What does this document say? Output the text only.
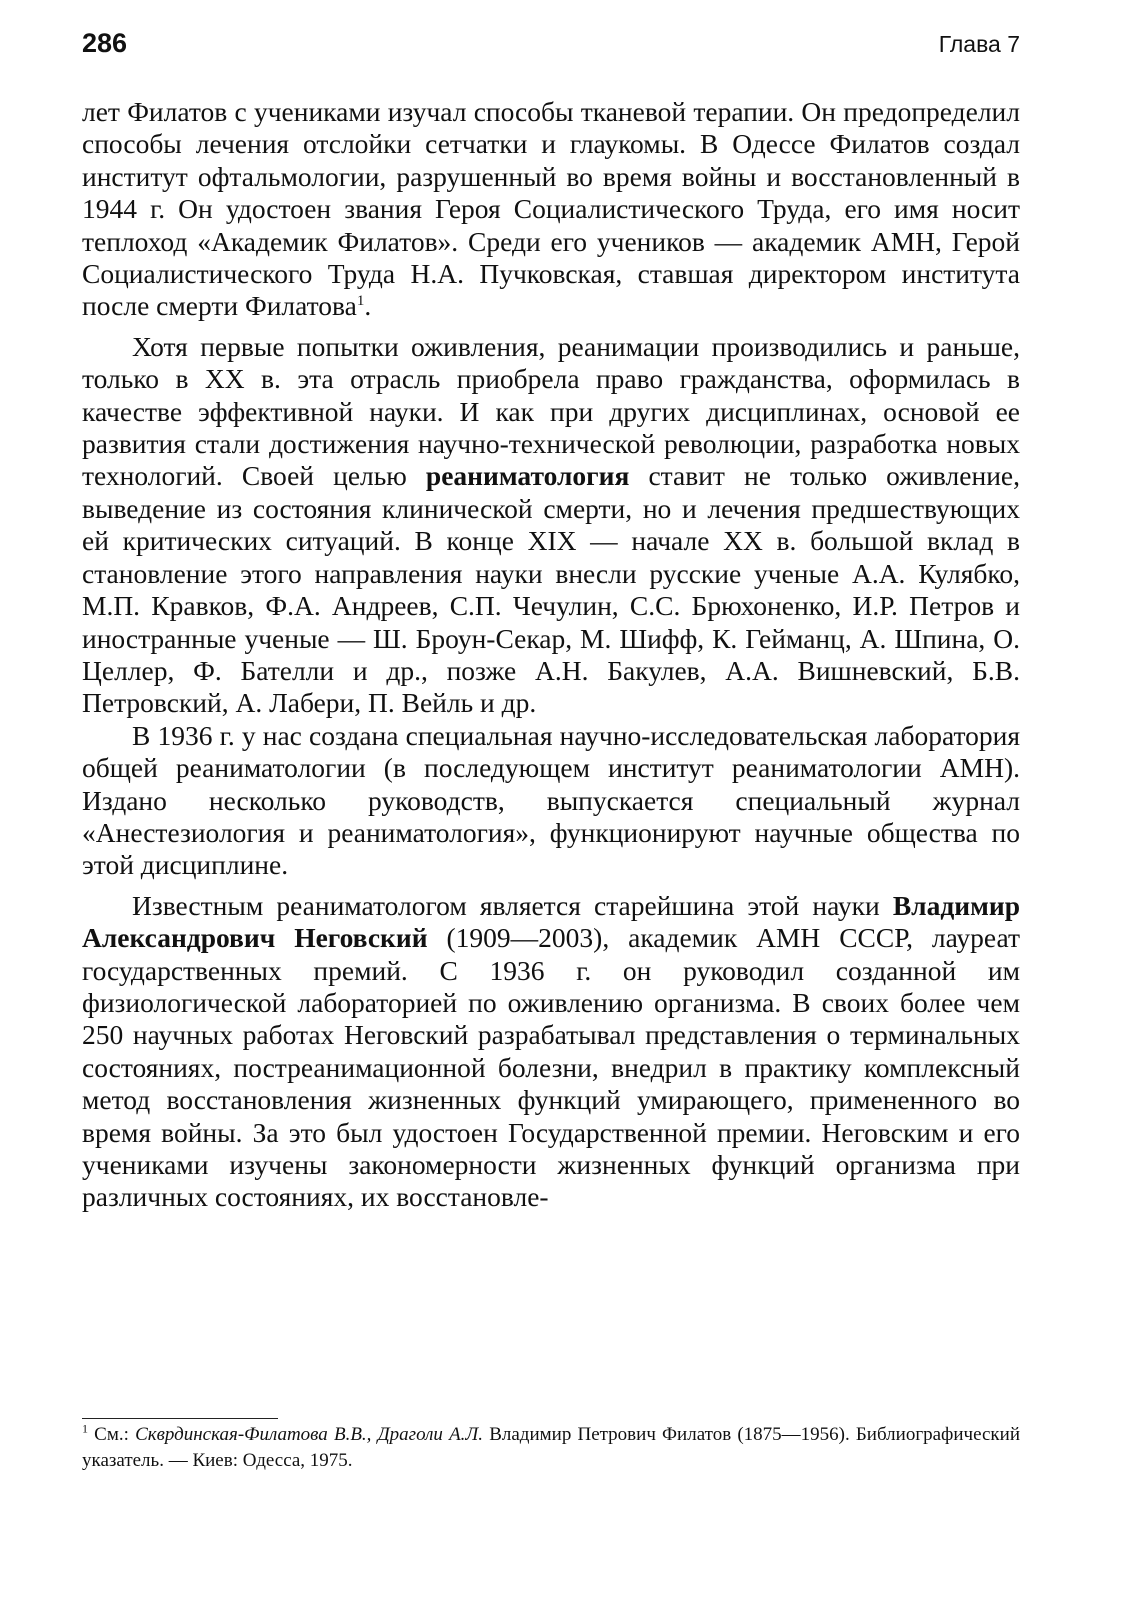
286	Глава 7

лет Филатов с учениками изучал способы тканевой терапии. Он предопределил способы лечения отслойки сетчатки и глаукомы. В Одессе Филатов создал институт офтальмологии, разрушенный во время войны и восстановленный в 1944 г. Он удостоен звания Героя Социалистического Труда, его имя носит теплоход «Академик Филатов». Среди его учеников — академик АМН, Герой Социалистического Труда Н.А. Пучковская, ставшая директором института после смерти Филатова$^1$.

Хотя первые попытки оживления, реанимации производились и раньше, только в XX в. эта отрасль приобрела право гражданства, оформилась в качестве эффективной науки. И как при других дисциплинах, основой ее развития стали достижения научно-технической революции, разработка новых технологий. Своей целью реаниматология ставит не только оживление, выведение из состояния клинической смерти, но и лечения предшествующих ей критических ситуаций. В конце XIX — начале XX в. большой вклад в становление этого направления науки внесли русские ученые А.А. Кулябко, М.П. Кравков, Ф.А. Андреев, С.П. Чечулин, С.С. Брюхоненко, И.Р. Петров и иностранные ученые — Ш. Броун-Секар, М. Шифф, К. Гейманц, А. Шпина, О. Целлер, Ф. Бателли и др., позже А.Н. Бакулев, А.А. Вишневский, Б.В. Петровский, А. Лабери, П. Вейль и др.

В 1936 г. у нас создана специальная научно-исследовательская лаборатория общей реаниматологии (в последующем институт реаниматологии АМН). Издано несколько руководств, выпускается специальный журнал «Анестезиология и реаниматология», функционируют научные общества по этой дисциплине.

Известным реаниматологом является старейшина этой науки Владимир Александрович Неговский (1909—2003), академик АМН СССР, лауреат государственных премий. С 1936 г. он руководил созданной им физиологической лабораторией по оживлению организма. В своих более чем 250 научных работах Неговский разрабатывал представления о терминальных состояниях, постреанимационной болезни, внедрил в практику комплексный метод восстановления жизненных функций умирающего, примененного во время войны. За это был удостоен Государственной премии. Неговским и его учениками изучены закономерности жизненных функций организма при различных состояниях, их восстановле-

$^1$ См.: Скврдинская-Филатова В.В., Драголи А.Л. Владимир Петрович Филатов (1875—1956). Библиографический указатель. — Киев: Одесса, 1975.
